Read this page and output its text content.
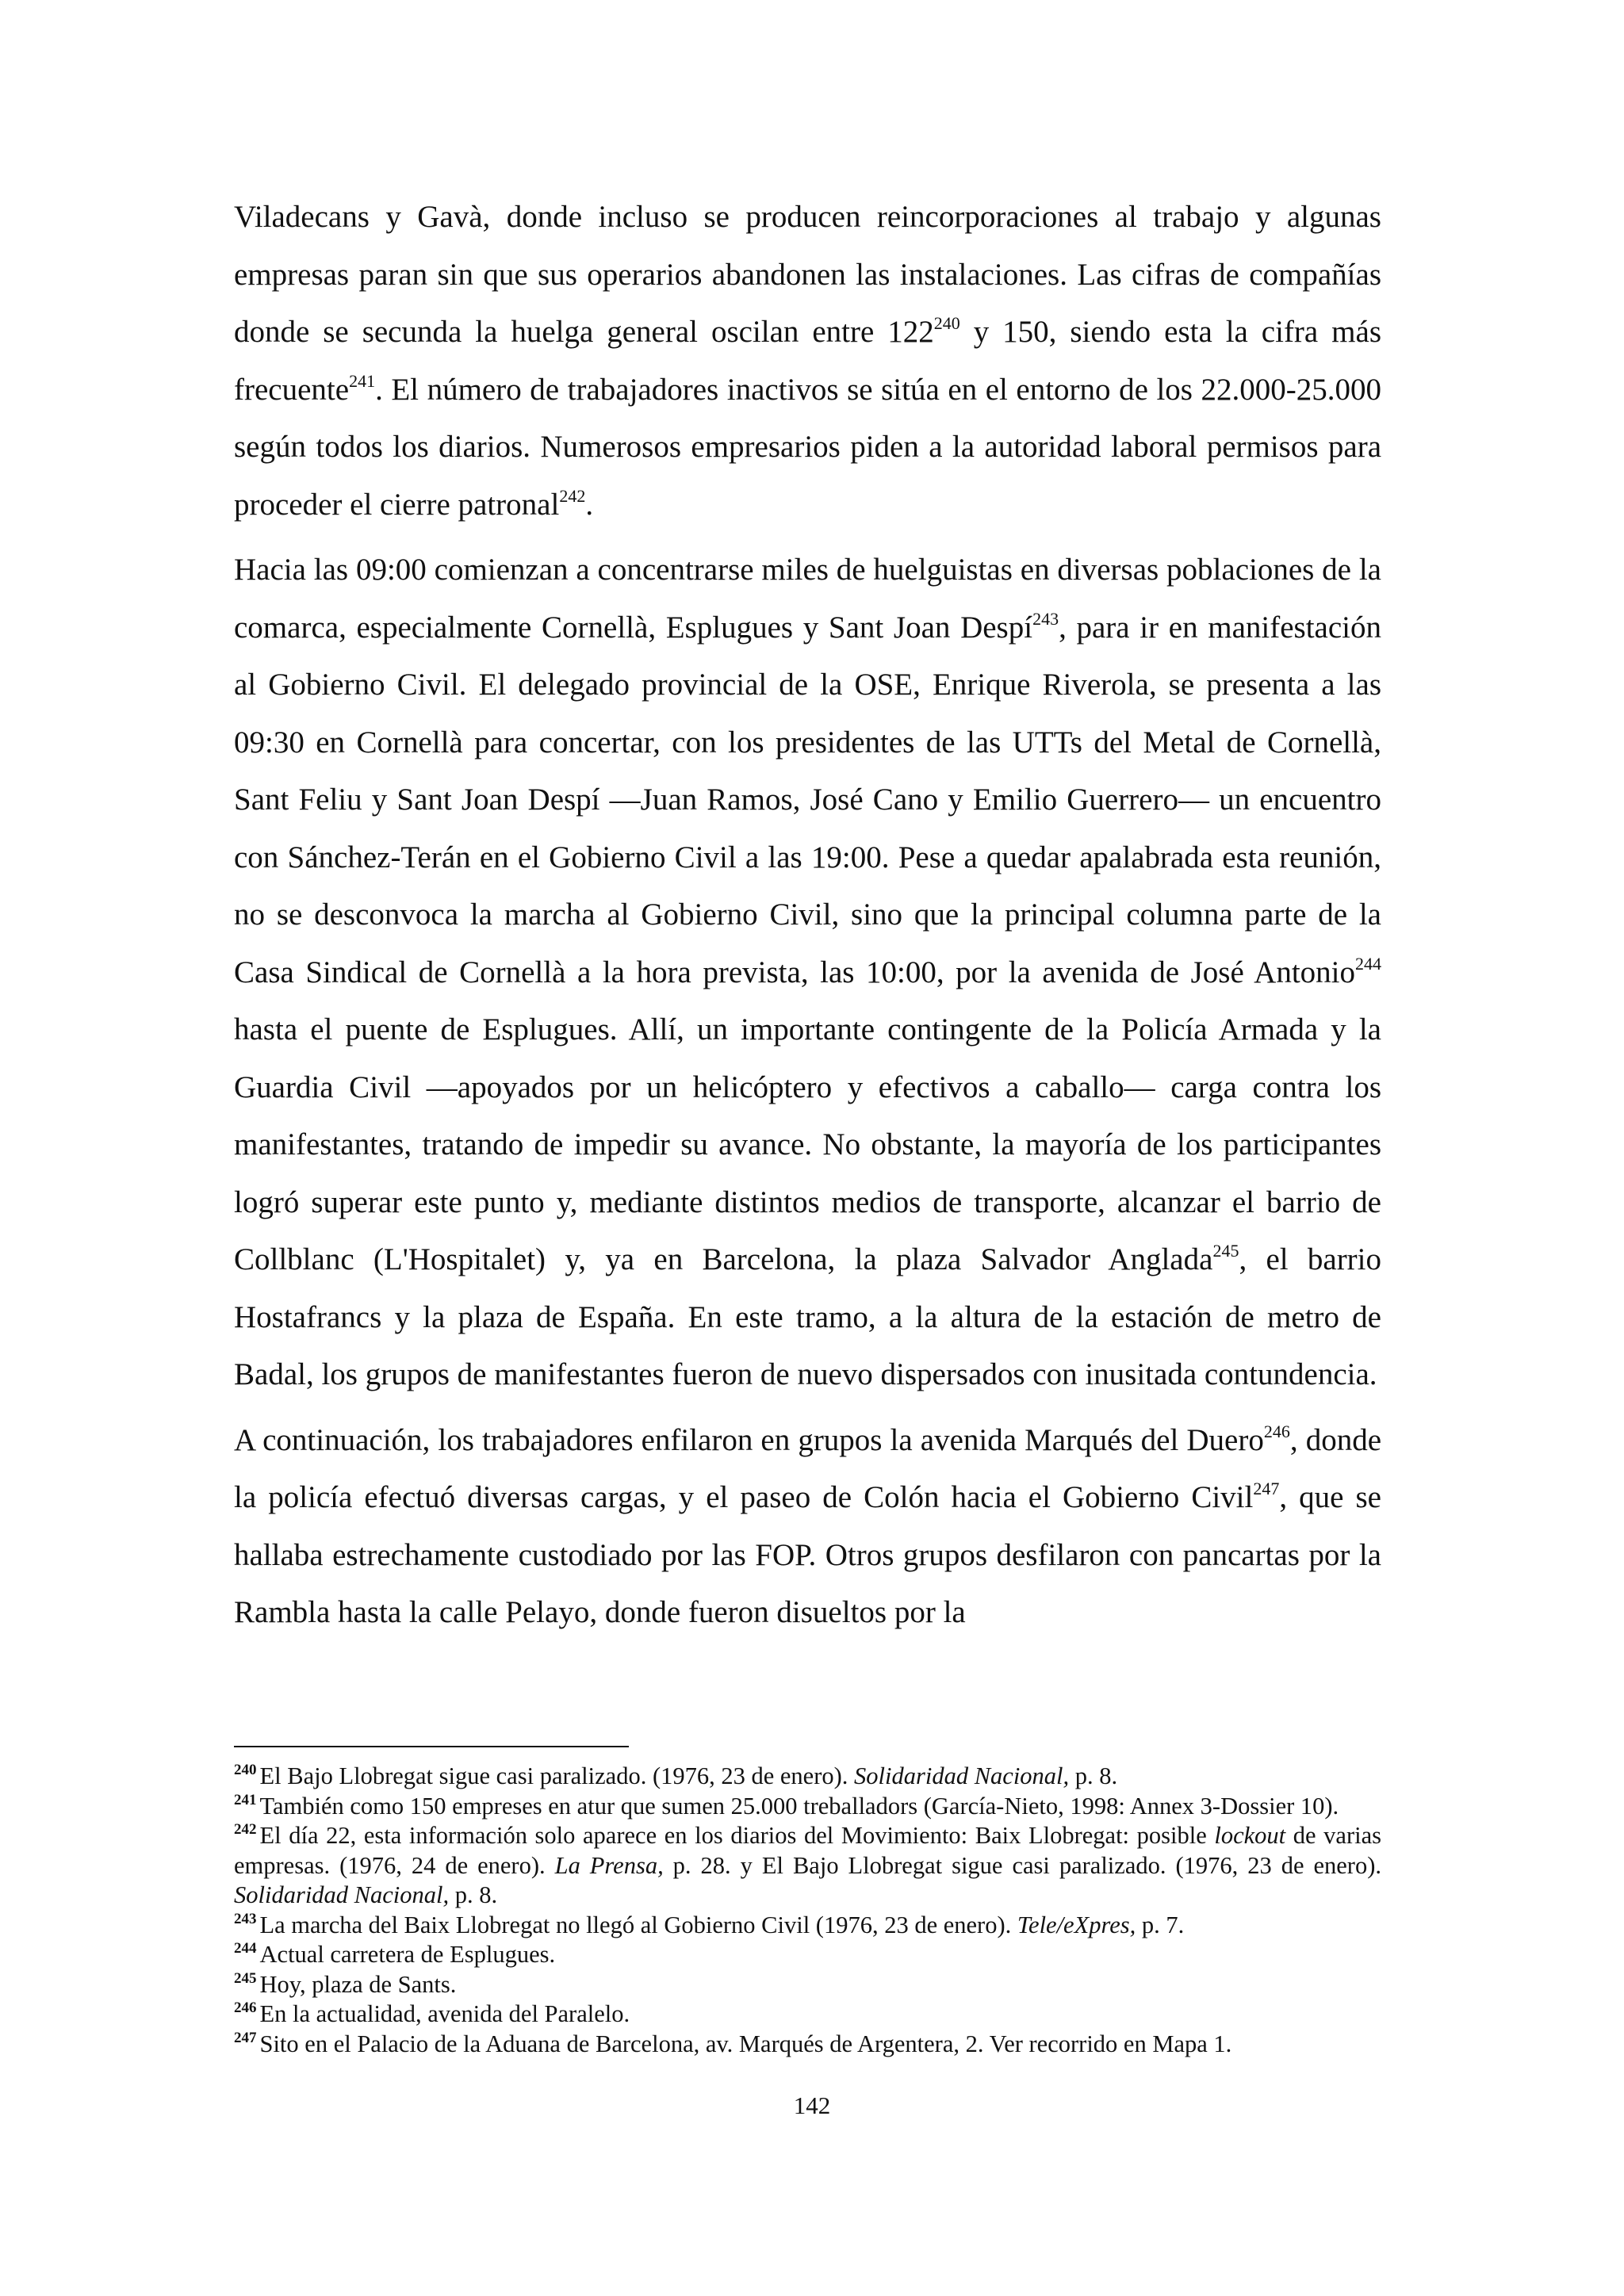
Viladecans y Gavà, donde incluso se producen reincorporaciones al trabajo y algunas empresas paran sin que sus operarios abandonen las instalaciones. Las cifras de compañías donde se secunda la huelga general oscilan entre 122$^{240}$ y 150, siendo esta la cifra más frecuente$^{241}$. El número de trabajadores inactivos se sitúa en el entorno de los 22.000-25.000 según todos los diarios. Numerosos empresarios piden a la autoridad laboral permisos para proceder el cierre patronal$^{242}$.

Hacia las 09:00 comienzan a concentrarse miles de huelguistas en diversas poblaciones de la comarca, especialmente Cornellà, Esplugues y Sant Joan Despí$^{243}$, para ir en manifestación al Gobierno Civil. El delegado provincial de la OSE, Enrique Riverola, se presenta a las 09:30 en Cornellà para concertar, con los presidentes de las UTTs del Metal de Cornellà, Sant Feliu y Sant Joan Despí —Juan Ramos, José Cano y Emilio Guerrero— un encuentro con Sánchez-Terán en el Gobierno Civil a las 19:00. Pese a quedar apalabrada esta reunión, no se desconvoca la marcha al Gobierno Civil, sino que la principal columna parte de la Casa Sindical de Cornellà a la hora prevista, las 10:00, por la avenida de José Antonio$^{244}$ hasta el puente de Esplugues. Allí, un importante contingente de la Policía Armada y la Guardia Civil —apoyados por un helicóptero y efectivos a caballo— carga contra los manifestantes, tratando de impedir su avance. No obstante, la mayoría de los participantes logró superar este punto y, mediante distintos medios de transporte, alcanzar el barrio de Collblanc (L'Hospitalet) y, ya en Barcelona, la plaza Salvador Anglada$^{245}$, el barrio Hostafrancs y la plaza de España. En este tramo, a la altura de la estación de metro de Badal, los grupos de manifestantes fueron de nuevo dispersados con inusitada contundencia.

A continuación, los trabajadores enfilaron en grupos la avenida Marqués del Duero$^{246}$, donde la policía efectuó diversas cargas, y el paseo de Colón hacia el Gobierno Civil$^{247}$, que se hallaba estrechamente custodiado por las FOP. Otros grupos desfilaron con pancartas por la Rambla hasta la calle Pelayo, donde fueron disueltos por la

$^{240}$ El Bajo Llobregat sigue casi paralizado. (1976, 23 de enero). Solidaridad Nacional, p. 8.

$^{241}$ También como 150 empreses en atur que sumen 25.000 treballadors (García-Nieto, 1998: Annex 3-Dossier 10).

$^{242}$ El día 22, esta información solo aparece en los diarios del Movimiento: Baix Llobregat: posible lockout de varias empresas. (1976, 24 de enero). La Prensa, p. 28. y El Bajo Llobregat sigue casi paralizado. (1976, 23 de enero). Solidaridad Nacional, p. 8.

$^{243}$ La marcha del Baix Llobregat no llegó al Gobierno Civil (1976, 23 de enero). Tele/eXpres, p. 7.

$^{244}$ Actual carretera de Esplugues.

$^{245}$ Hoy, plaza de Sants.

$^{246}$ En la actualidad, avenida del Paralelo.

$^{247}$ Sito en el Palacio de la Aduana de Barcelona, av. Marqués de Argentera, 2. Ver recorrido en Mapa 1.

142
